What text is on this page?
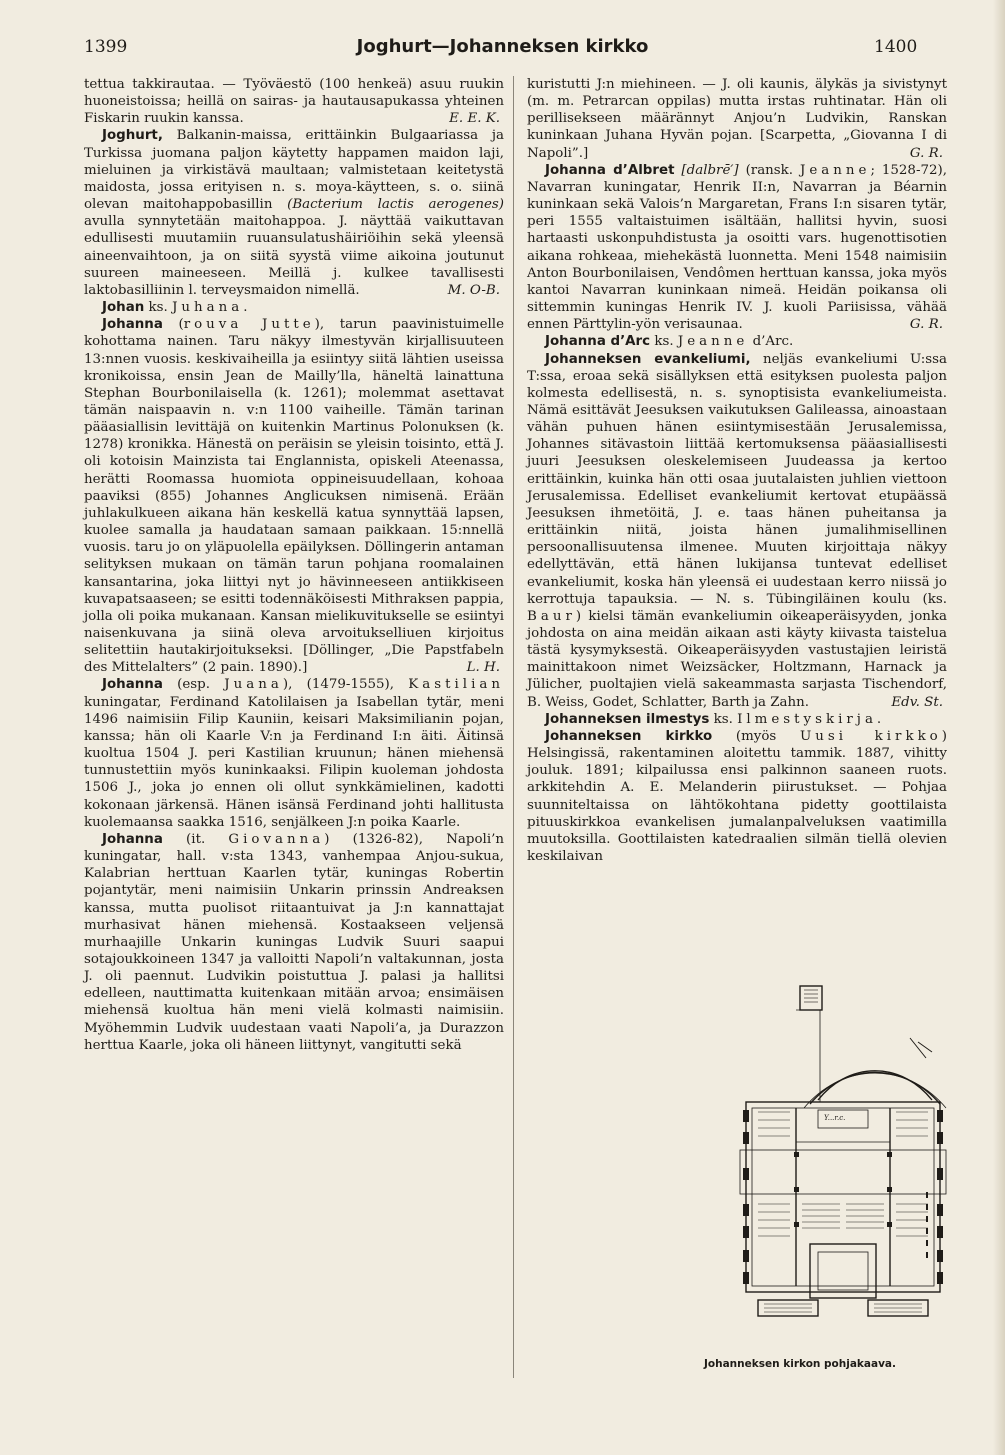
1399	Joghurt—Johanneksen kirkko	1400

tettua takkirautaa. — Työväestö (100 henkeä) asuu ruukin huoneistoissa; heillä on sairas- ja hautausapukassa yhteinen Fiskarin ruukin kanssa.	E. E. K.

Joghurt, Balkanin-maissa, erittäinkin Bulgaariassa ja Turkissa juomana paljon käytetty happamen maidon laji, mieluinen ja virkistävä maultaan; valmistetaan keitetystä maidosta, jossa erityisen n. s. moya-käytteen, s. o. siinä olevan maitohappobasillin (Bacterium lactis aerogenes) avulla synnytetään maitohappoa. J. näyttää vaikuttavan edullisesti muutamiin ruuansulatushäiriöihin sekä yleensä aineenvaihtoon, ja on siitä syystä viime aikoina joutunut suureen maineeseen. Meillä j. kulkee tavallisesti laktobasilliinin l. terveysmaidon nimellä.	M. O-B.

Johan ks. Juhana.

Johanna (rouva Jutte), tarun paavinistuimelle kohottama nainen. Taru näkyy ilmestyvän kirjallisuuteen 13:nnen vuosis. keskivaiheilla ja esiintyy siitä lähtien useissa kronikoissa, ensin Jean de Mailly’lla, häneltä lainattuna Stephan Bourbonilaisella (k. 1261); molemmat asettavat tämän naispaavin n. v:n 1100 vaiheille. Tämän tarinan pääasiallisin levittäjä on kuitenkin Martinus Polonuksen (k. 1278) kronikka. Hänestä on peräisin se yleisin toisinto, että J. oli kotoisin Mainzista tai Englannista, opiskeli Ateenassa, herätti Roomassa huomiota oppineisuudellaan, kohoaa paaviksi (855) Johannes Anglicuksen nimisenä. Erään juhlakulkueen aikana hän keskellä katua synnyttää lapsen, kuolee samalla ja haudataan samaan paikkaan. 15:nnellä vuosis. taru jo on yläpuolella epäilyksen. Döllingerin antaman selityksen mukaan on tämän tarun pohjana roomalainen kansantarina, joka liittyi nyt jo hävinneeseen antiikkiseen kuvapatsaaseen; se esitti todennäköisesti Mithraksen pappia, jolla oli poika mukanaan. Kansan mielikuvitukselle se esiintyi naisenkuvana ja siinä oleva arvoitukselliuen kirjoitus selitettiin hautakirjoitukseksi. [Döllinger, „Die Papstfabeln des Mittelalters” (2 pain. 1890).]	L. H.

Johanna (esp. Juana), (1479-1555), Kastilian kuningatar, Ferdinand Katolilaisen ja Isabellan tytär, meni 1496 naimisiin Filip Kauniin, keisari Maksimilianin pojan, kanssa; hän oli Kaarle V:n ja Ferdinand I:n äiti. Äitinsä kuoltua 1504 J. peri Kastilian kruunun; hänen miehensä tunnustettiin myös kuninkaaksi. Filipin kuoleman johdosta 1506 J., joka jo ennen oli ollut synkkämielinen, kadotti kokonaan järkensä. Hänen isänsä Ferdinand johti hallitusta kuolemaansa saakka 1516, senjälkeen J:n poika Kaarle.

Johanna (it. Giovanna) (1326-82), Napoli’n kuningatar, hall. v:sta 1343, vanhempaa Anjou-sukua, Kalabrian herttuan Kaarlen tytär, kuningas Robertin pojantytär, meni naimisiin Unkarin prinssin Andreaksen kanssa, mutta puolisot riitaantuivat ja J:n kannattajat murhasivat hänen miehensä. Kostaakseen veljensä murhaajille Unkarin kuningas Ludvik Suuri saapui sotajoukkoineen 1347 ja valloitti Napoli’n valtakunnan, josta J. oli paennut. Ludvikin poistuttua J. palasi ja hallitsi edelleen, nauttimatta kuitenkaan mitään arvoa; ensimäisen miehensä kuoltua hän meni vielä kolmasti naimisiin. Myöhemmin Ludvik uudestaan vaati Napoli’a, ja Durazzon herttua Kaarle, joka oli häneen liittynyt, vangitutti sekä

kuristutti J:n miehineen. — J. oli kaunis, älykäs ja sivistynyt (m. m. Petrarcan oppilas) mutta irstas ruhtinatar. Hän oli perillisekseen määrännyt Anjou’n Ludvikin, Ranskan kuninkaan Juhana Hyvän pojan. [Scarpetta, „Giovanna I di Napoli”.]	G. R.

Johanna d’Albret [dalbrē′] (ransk. Jeanne; 1528-72), Navarran kuningatar, Henrik II:n, Navarran ja Béarnin kuninkaan sekä Valois’n Margaretan, Frans I:n sisaren tytär, peri 1555 valtaistuimen isältään, hallitsi hyvin, suosi hartaasti uskonpuhdistusta ja osoitti vars. hugenottisotien aikana rohkeaa, miehekästä luonnetta. Meni 1548 naimisiin Anton Bourbonilaisen, Vendômen herttuan kanssa, joka myös kantoi Navarran kuninkaan nimeä. Heidän poikansa oli sittemmin kuningas Henrik IV. J. kuoli Pariisissa, vähää ennen Pärttylin-yön verisaunaa.	G. R.

Johanna d’Arc ks. Jeanne d’Arc.

Johanneksen evankeliumi, neljäs evankeliumi U:ssa T:ssa, eroaa sekä sisällyksen että esityksen puolesta paljon kolmesta edellisestä, n. s. synoptisista evankeliumeista. Nämä esittävät Jeesuksen vaikutuksen Galileassa, ainoastaan vähän puhuen hänen esiintymisestään Jerusalemissa, Johannes sitävastoin liittää kertomuksensa pääasiallisesti juuri Jeesuksen oleskelemiseen Juudeassa ja kertoo erittäinkin, kuinka hän otti osaa juutalaisten juhlien viettoon Jerusalemissa. Edelliset evankeliumit kertovat etupäässä Jeesuksen ihmetöitä, J. e. taas hänen puheitansa ja erittäinkin niitä, joista hänen jumalihmisellinen persoonallisuutensa ilmenee. Muuten kirjoittaja näkyy edellyttävän, että hänen lukijansa tuntevat edelliset evankeliumit, koska hän yleensä ei uudestaan kerro niissä jo kerrottuja tapauksia. — N. s. Tübingiläinen koulu (ks. Baur) kielsi tämän evankeliumin oikeaperäisyyden, jonka johdosta on aina meidän aikaan asti käyty kiivasta taistelua tästä kysymyksestä. Oikeaperäisyyden vastustajien leiristä mainittakoon nimet Weizsäcker, Holtzmann, Harnack ja Jülicher, puoltajien vielä sakeammasta sarjasta Tischendorf, B. Weiss, Godet, Schlatter, Barth ja Zahn.	Edv. St.

Johanneksen ilmestys ks. Ilmestyskirja.

Johanneksen kirkko (myös Uusi kirkko) Helsingissä, rakentaminen aloitettu tammik. 1887, vihitty jouluk. 1891; kilpailussa ensi palkinnon saaneen ruots. arkkitehdin A. E. Melanderin piirustukset. — Pohjaa suunniteltaissa on lähtökohtana pidetty goottilaista pituuskirkkoa evankelisen jumalanpalveluksen vaatimilla muutoksilla. Goottilaisten katedraalien silmän tiellä olevien keskilaivan

Y...r.c.
Johanneksen kirkon pohjakaava.
